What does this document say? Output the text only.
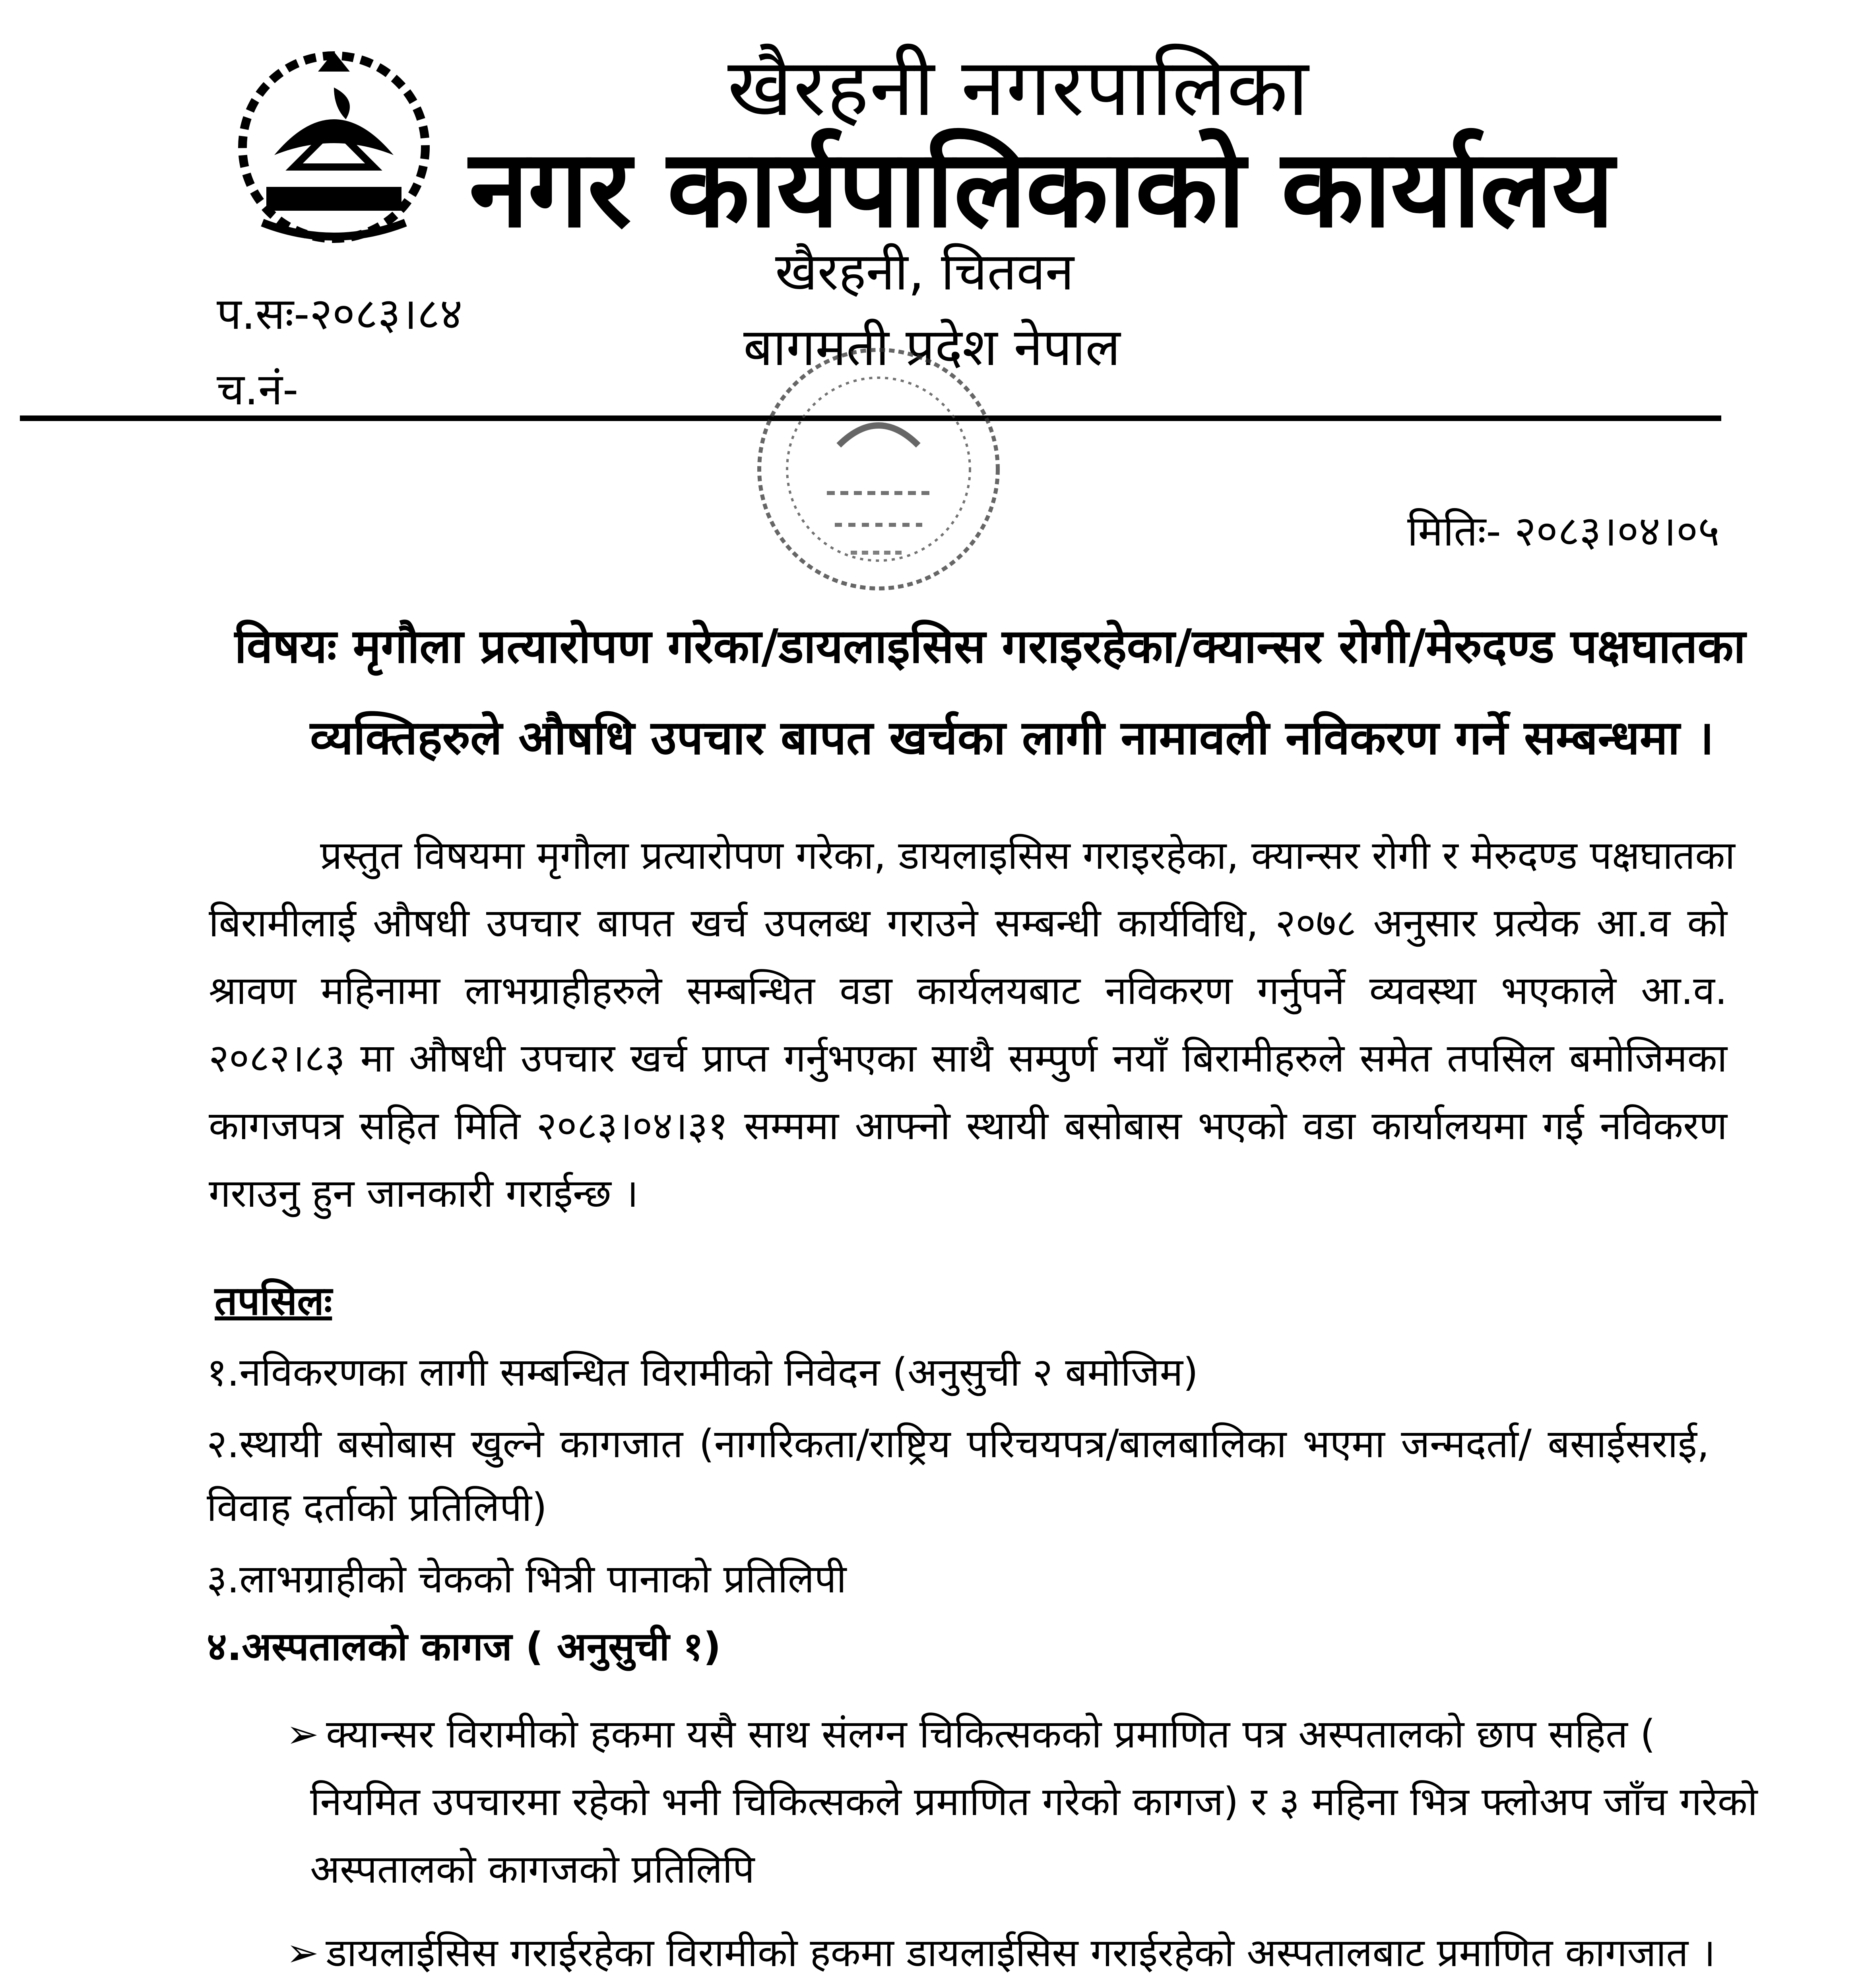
खैरहनी नगरपालिका
नगर कार्यपालिकाको कार्यालय
खैरहनी, चितवन
बागमती प्रदेश नेपाल
प.सः-२०८३।८४
च.नं-
मितिः- २०८३।०४।०५
विषयः मृगौला प्रत्यारोपण गरेका/डायलाइसिस गराइरहेका/क्यान्सर रोगी/मेरुदण्ड पक्षघातका
व्यक्तिहरुले औषधि उपचार बापत खर्चका लागी नामावली नविकरण गर्ने सम्बन्धमा ।
प्रस्तुत विषयमा मृगौला प्रत्यारोपण गरेका, डायलाइसिस गराइरहेका, क्यान्सर रोगी र मेरुदण्ड पक्षघातका
बिरामीलाई औषधी उपचार बापत खर्च उपलब्ध गराउने सम्बन्धी कार्यविधि, २०७८ अनुसार प्रत्येक आ.व को
श्रावण महिनामा लाभग्राहीहरुले सम्बन्धित वडा कार्यलयबाट नविकरण गर्नुपर्ने व्यवस्था भएकाले आ.व.
२०८२।८३ मा औषधी उपचार खर्च प्राप्त गर्नुभएका साथै सम्पुर्ण नयाँ बिरामीहरुले समेत तपसिल बमोजिमका
कागजपत्र सहित मिति २०८३।०४।३१ सम्ममा आफ्नो स्थायी बसोबास भएको वडा कार्यालयमा गई नविकरण
गराउनु हुन जानकारी गराईन्छ ।
तपसिलः
१.नविकरणका लागी सम्बन्धित विरामीको निवेदन (अनुसुची २ बमोजिम)
२.स्थायी बसोबास खुल्ने कागजात (नागरिकता/राष्ट्रिय परिचयपत्र/बालबालिका भएमा जन्मदर्ता/ बसाईसराई,
विवाह दर्ताको प्रतिलिपी)
३.लाभग्राहीको चेकको भित्री पानाको प्रतिलिपी
४.अस्पतालको कागज ( अनुसुची १)
➢ क्यान्सर विरामीको हकमा यसै साथ संलग्न चिकित्सकको प्रमाणित पत्र अस्पतालको छाप सहित (
नियमित उपचारमा रहेको भनी चिकित्सकले प्रमाणित गरेको कागज) र ३ महिना भित्र फ्लोअप जाँच गरेको
अस्पतालको कागजको प्रतिलिपि
➢ डायलाईसिस गराईरहेका विरामीको हकमा डायलाईसिस गराईरहेको अस्पतालबाट प्रमाणित कागजात ।
